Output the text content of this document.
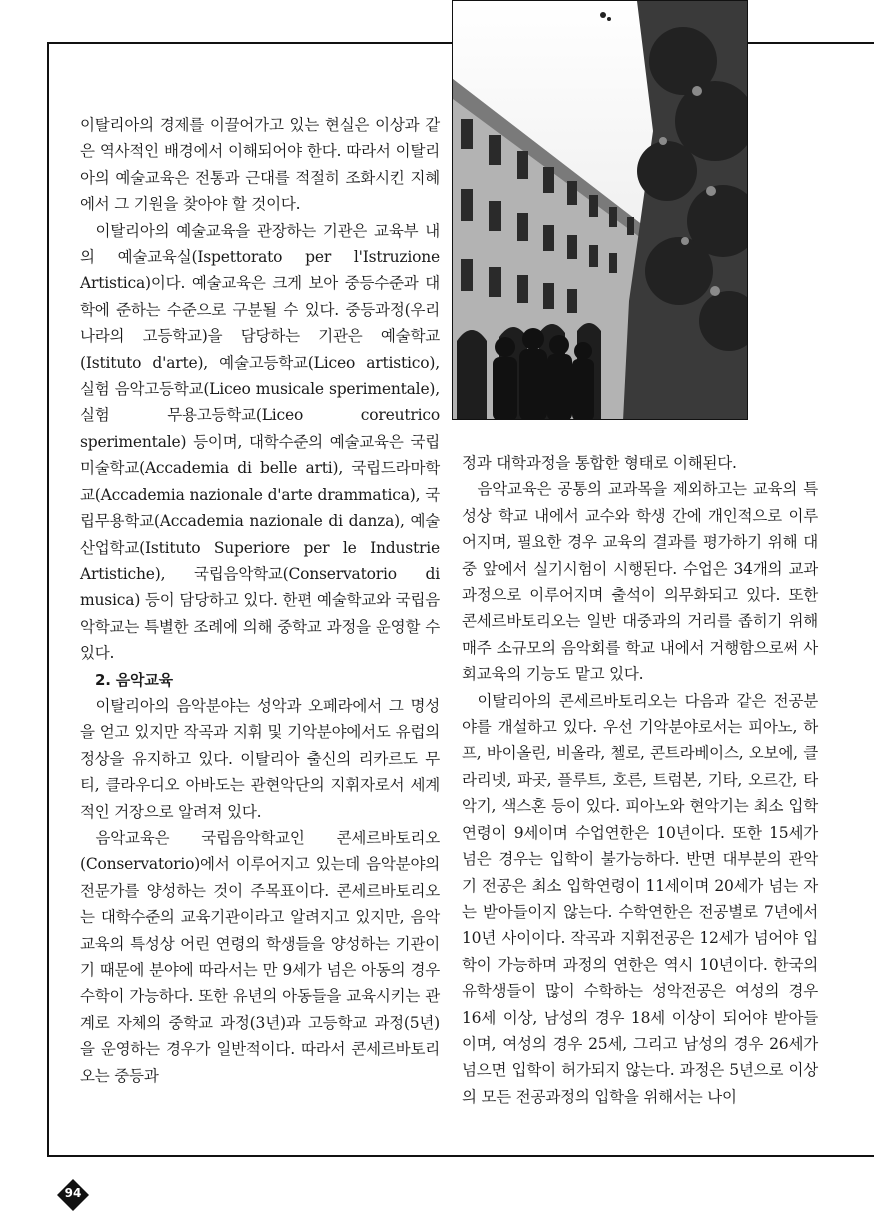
이탈리아의 경제를 이끌어가고 있는 현실은 이상과 같은 역사적인 배경에서 이해되어야 한다. 따라서 이탈리아의 예술교육은 전통과 근대를 적절히 조화시킨 지혜에서 그 기원을 찾아야 할 것이다.

이탈리아의 예술교육을 관장하는 기관은 교육부 내의 예술교육실(Ispettorato per l'Istruzione Artistica)이다. 예술교육은 크게 보아 중등수준과 대학에 준하는 수준으로 구분될 수 있다. 중등과정(우리 나라의 고등학교)을 담당하는 기관은 예술학교(Istituto d'arte), 예술고등학교(Liceo artistico), 실험 음악고등학교(Liceo musicale sperimentale), 실험 무용고등학교(Liceo coreutrico sperimentale) 등이며, 대학수준의 예술교육은 국립미술학교(Accademia di belle arti), 국립드라마학교(Accademia nazionale d'arte drammatica), 국립무용학교(Accademia nazionale di danza), 예술산업학교(Istituto Superiore per le Industrie Artistiche), 국립음악학교(Conservatorio di musica) 등이 담당하고 있다. 한편 예술학교와 국립음악학교는 특별한 조례에 의해 중학교 과정을 운영할 수 있다.

2. 음악교육

이탈리아의 음악분야는 성악과 오페라에서 그 명성을 얻고 있지만 작곡과 지휘 및 기악분야에서도 유럽의 정상을 유지하고 있다. 이탈리아 출신의 리카르도 무티, 클라우디오 아바도는 관현악단의 지휘자로서 세계적인 거장으로 알려져 있다.

음악교육은 국립음악학교인 콘세르바토리오(Conservatorio)에서 이루어지고 있는데 음악분야의 전문가를 양성하는 것이 주목표이다. 콘세르바토리오는 대학수준의 교육기관이라고 알려지고 있지만, 음악교육의 특성상 어린 연령의 학생들을 양성하는 기관이기 때문에 분야에 따라서는 만 9세가 넘은 아동의 경우 수학이 가능하다. 또한 유년의 아동들을 교육시키는 관계로 자체의 중학교 과정(3년)과 고등학교 과정(5년)을 운영하는 경우가 일반적이다. 따라서 콘세르바토리오는 중등과

정과 대학과정을 통합한 형태로 이해된다.

음악교육은 공통의 교과목을 제외하고는 교육의 특성상 학교 내에서 교수와 학생 간에 개인적으로 이루어지며, 필요한 경우 교육의 결과를 평가하기 위해 대중 앞에서 실기시험이 시행된다. 수업은 34개의 교과과정으로 이루어지며 출석이 의무화되고 있다. 또한 콘세르바토리오는 일반 대중과의 거리를 좁히기 위해 매주 소규모의 음악회를 학교 내에서 거행함으로써 사회교육의 기능도 맡고 있다.

이탈리아의 콘세르바토리오는 다음과 같은 전공분야를 개설하고 있다. 우선 기악분야로서는 피아노, 하프, 바이올린, 비올라, 첼로, 콘트라베이스, 오보에, 클라리넷, 파곳, 플루트, 호른, 트럼본, 기타, 오르간, 타악기, 색스혼 등이 있다. 피아노와 현악기는 최소 입학연령이 9세이며 수업연한은 10년이다. 또한 15세가 넘은 경우는 입학이 불가능하다. 반면 대부분의 관악기 전공은 최소 입학연령이 11세이며 20세가 넘는 자는 받아들이지 않는다. 수학연한은 전공별로 7년에서 10년 사이이다. 작곡과 지휘전공은 12세가 넘어야 입학이 가능하며 과정의 연한은 역시 10년이다. 한국의 유학생들이 많이 수학하는 성악전공은 여성의 경우 16세 이상, 남성의 경우 18세 이상이 되어야 받아들이며, 여성의 경우 25세, 그리고 남성의 경우 26세가 넘으면 입학이 허가되지 않는다. 과정은 5년으로 이상의 모든 전공과정의 입학을 위해서는 나이

94
